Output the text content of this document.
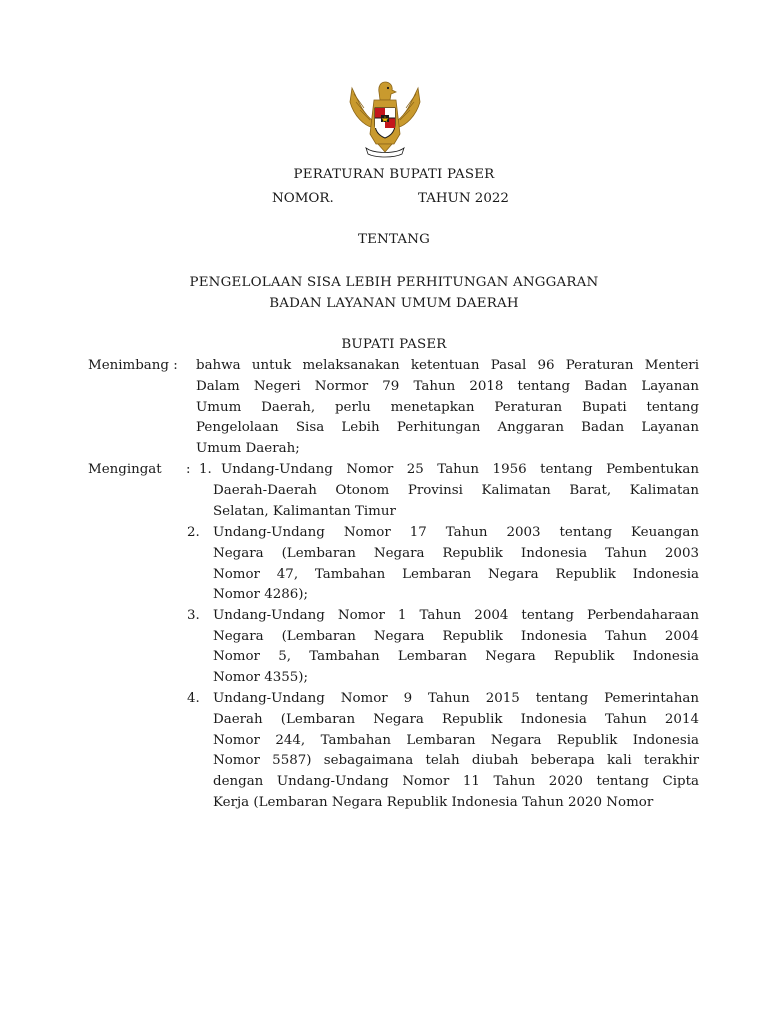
PERATURAN BUPATI PASER
NOMOR.	TAHUN 2022
TENTANG
PENGELOLAAN SISA LEBIH PERHITUNGAN ANGGARAN
BADAN LAYANAN UMUM DAERAH
BUPATI PASER
Menimbang : bahwa untuk melaksanakan ketentuan Pasal 96 Peraturan Menteri
Dalam Negeri Normor 79 Tahun 2018 tentang Badan Layanan
Umum Daerah, perlu menetapkan Peraturan Bupati tentang
Pengelolaan Sisa Lebih Perhitungan Anggaran Badan Layanan
Umum Daerah;
Mengingat : 1. Undang-Undang Nomor 25 Tahun 1956 tentang Pembentukan
Daerah-Daerah Otonom Provinsi Kalimatan Barat, Kalimatan
Selatan, Kalimantan Timur
2. Undang-Undang Nomor 17 Tahun 2003 tentang Keuangan
Negara (Lembaran Negara Republik Indonesia Tahun 2003
Nomor 47, Tambahan Lembaran Negara Republik Indonesia
Nomor 4286);
3. Undang-Undang Nomor 1 Tahun 2004 tentang Perbendaharaan
Negara (Lembaran Negara Republik Indonesia Tahun 2004
Nomor 5, Tambahan Lembaran Negara Republik Indonesia
Nomor 4355);
4. Undang-Undang Nomor 9 Tahun 2015 tentang Pemerintahan
Daerah (Lembaran Negara Republik Indonesia Tahun 2014
Nomor 244, Tambahan Lembaran Negara Republik Indonesia
Nomor 5587) sebagaimana telah diubah beberapa kali terakhir
dengan Undang-Undang Nomor 11 Tahun 2020 tentang Cipta
Kerja (Lembaran Negara Republik Indonesia Tahun 2020 Nomor
